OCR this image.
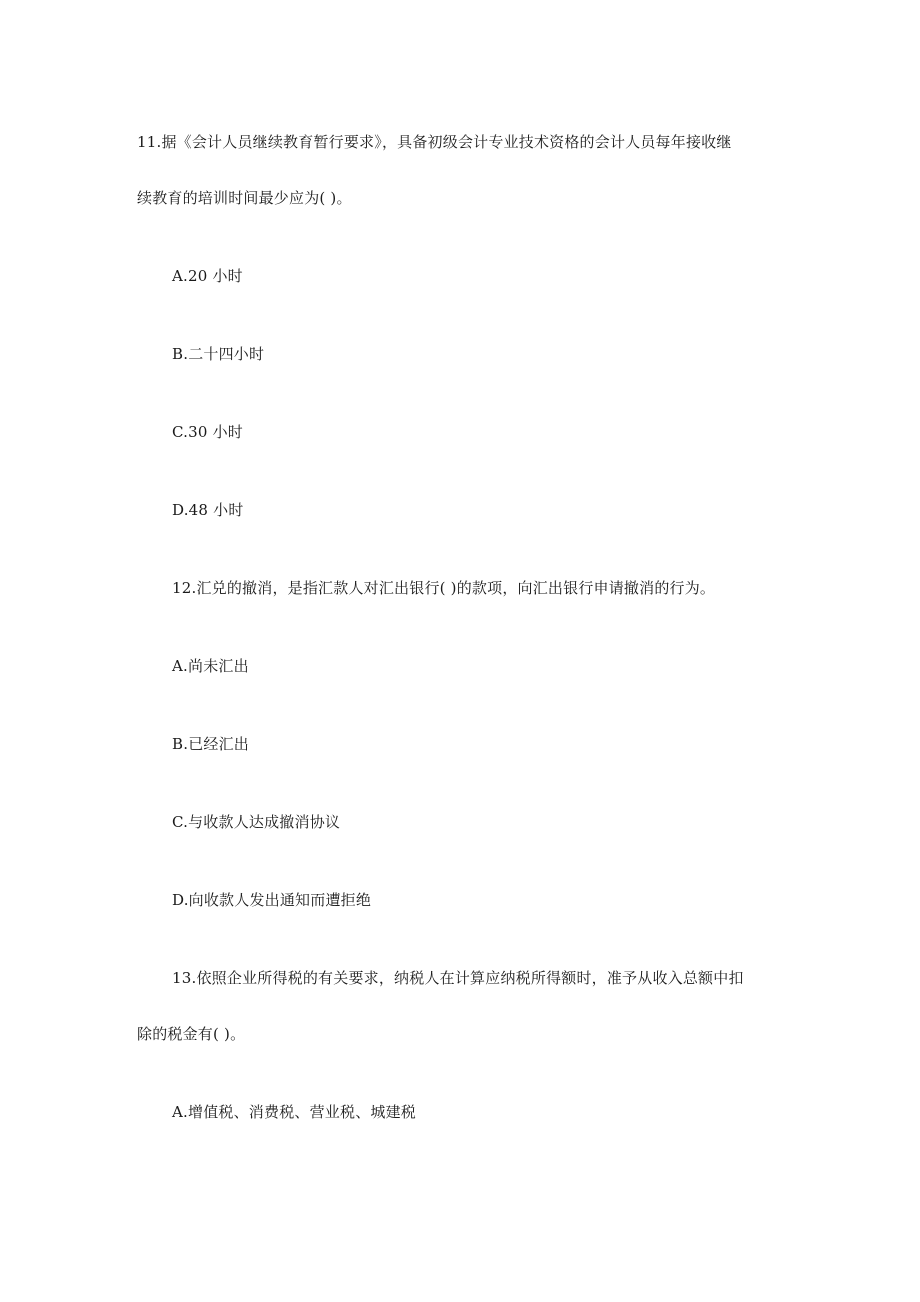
11.据《会计人员继续教育暂行要求》，具备初级会计专业技术资格的会计人员每年接收继
续教育的培训时间最少应为( )。
A.20 小时
B.二十四小时
C.30 小时
D.48 小时
12.汇兑的撤消，是指汇款人对汇出银行( )的款项，向汇出银行申请撤消的行为。
A.尚未汇出
B.已经汇出
C.与收款人达成撤消协议
D.向收款人发出通知而遭拒绝
13.依照企业所得税的有关要求，纳税人在计算应纳税所得额时，准予从收入总额中扣
除的税金有( )。
A.增值税、消费税、营业税、城建税
